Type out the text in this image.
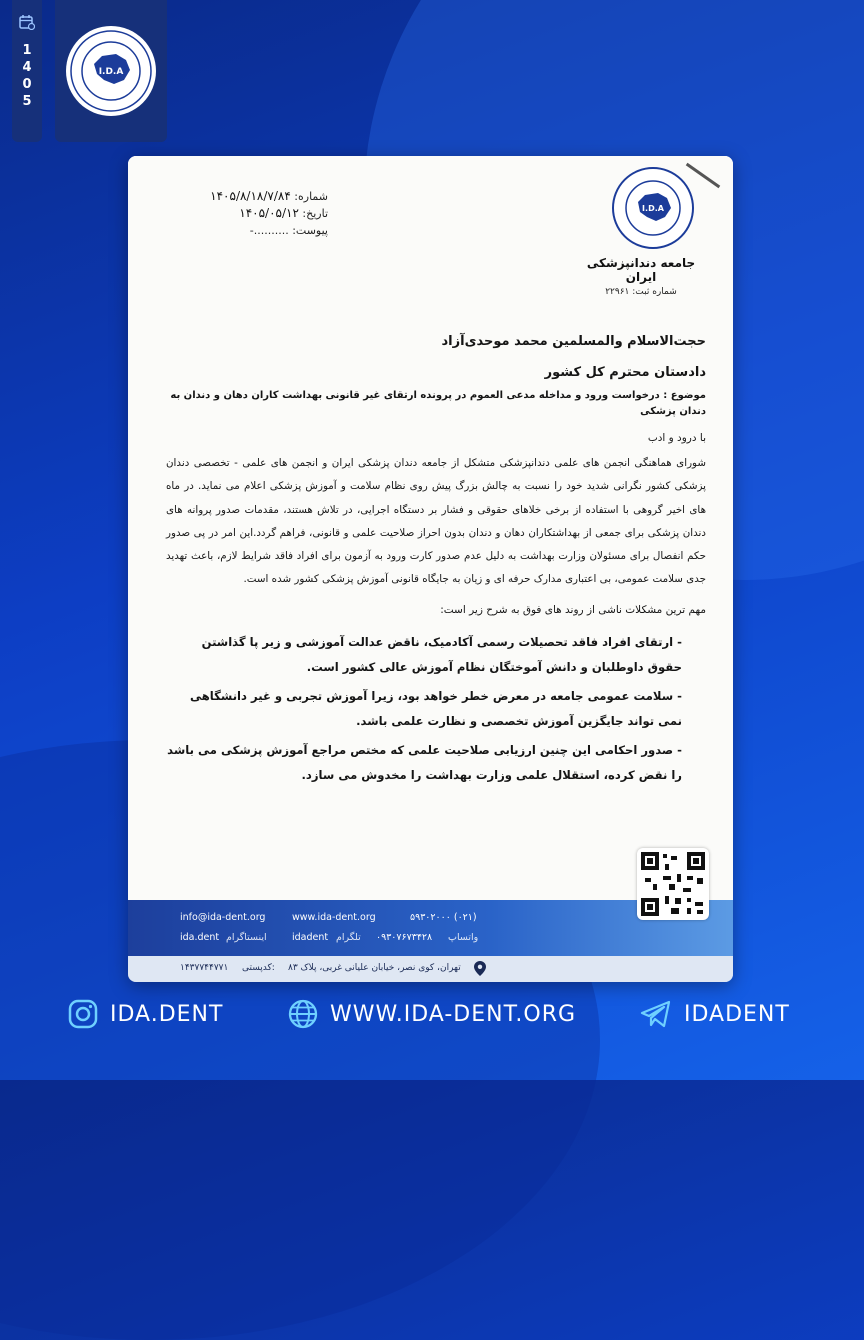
1
4
0
5
I.D.A
شماره: ۱۴۰۵/۸/۱۸/۷/۸۴
تاریخ: ۱۴۰۵/۰۵/۱۲
پیوست: ..........-
I.D.A
جامعه دندانپزشکی ایران
شماره ثبت: ۲۲۹۶۱
حجت‌الاسلام والمسلمین محمد موحدی‌آزاد
دادستان محترم کل کشور
موضوع : درخواست ورود و مداخله مدعی العموم در پرونده ارتقای غیر قانونی بهداشت کاران دهان و دندان به دندان پزشکی
با درود و ادب
شورای هماهنگی انجمن های علمی دندانپزشکی متشکل از جامعه دندان پزشکی ایران و انجمن های علمی - تخصصی دندان پزشکی کشور نگرانی شدید خود را نسبت به چالش بزرگ پیش روی نظام سلامت و آموزش پزشکی اعلام می نماید. در ماه های اخیر گروهی با استفاده از برخی خلاهای حقوقی و فشار بر دستگاه اجرایی، در تلاش هستند، مقدمات صدور پروانه های دندان پزشکی برای جمعی از بهداشتکاران دهان و دندان بدون احراز صلاحیت علمی و قانونی، فراهم گردد.این امر در پی صدور حکم انفصال برای مسئولان وزارت بهداشت به دلیل عدم صدور کارت ورود به آزمون برای افراد فاقد شرایط لازم، باعث تهدید جدی سلامت عمومی، بی اعتباری مدارک حرفه ای و زیان به جایگاه قانونی آموزش پزشکی کشور شده است.
مهم ترین مشکلات ناشی از روند های فوق به شرح زیر است:
- ارتقای افراد فاقد تحصیلات رسمی آکادمیک، ناقض عدالت آموزشی و زیر پا گذاشتن حقوق داوطلبان و دانش آموختگان نظام آموزش عالی کشور است.
- سلامت عمومی جامعه در معرض خطر خواهد بود، زیرا آموزش تجربی و غیر دانشگاهی نمی تواند جایگزین آموزش تخصصی و نظارت علمی باشد.
- صدور احکامی این چنین ارزیابی صلاحیت علمی که مختص مراجع آموزش پزشکی می باشد را نقض کرده، استقلال علمی وزارت بهداشت را مخدوش می سازد.
info@ida-dent.org	www.ida-dent.org	(۰۲۱) ۵۹۳۰۲۰۰۰
ida.dent اینستاگرام	idadent تلگرام ۰۹۳۰۷۶۷۳۴۲۸ واتساپ
۱۴۳۷۷۴۴۷۷۱ کدپستی: تهران، کوی نصر، خیابان علیانی غربی، پلاک ۸۳
IDA.DENT	WWW.IDA-DENT.ORG	IDADENT
